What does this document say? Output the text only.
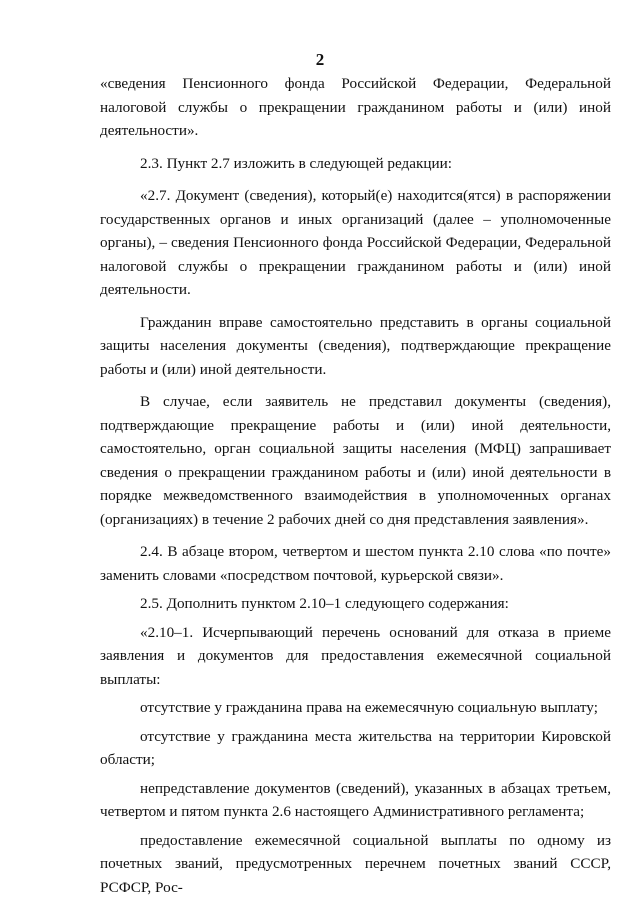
2

«сведения Пенсионного фонда Российской Федерации, Федеральной налоговой службы о прекращении гражданином работы и (или) иной деятельности».

2.3. Пункт 2.7 изложить в следующей редакции:

«2.7. Документ (сведения), который(е) находится(ятся) в распоряжении государственных органов и иных организаций (далее – уполномоченные органы), – сведения Пенсионного фонда Российской Федерации, Федеральной налоговой службы о прекращении гражданином работы и (или) иной деятельности.

Гражданин вправе самостоятельно представить в органы социальной защиты населения документы (сведения), подтверждающие прекращение работы и (или) иной деятельности.

В случае, если заявитель не представил документы (сведения), подтверждающие прекращение работы и (или) иной деятельности, самостоятельно, орган социальной защиты населения (МФЦ) запрашивает сведения о прекращении гражданином работы и (или) иной деятельности в порядке межведомственного взаимодействия в уполномоченных органах (организациях) в течение 2 рабочих дней со дня представления заявления».

2.4. В абзаце втором, четвертом и шестом пункта 2.10 слова «по почте» заменить словами «посредством почтовой, курьерской связи».

2.5. Дополнить пунктом 2.10–1 следующего содержания:

«2.10–1. Исчерпывающий перечень оснований для отказа в приеме заявления и документов для предоставления ежемесячной социальной выплаты:

отсутствие у гражданина права на ежемесячную социальную выплату;

отсутствие у гражданина места жительства на территории Кировской области;

непредставление документов (сведений), указанных в абзацах третьем, четвертом и пятом пункта 2.6 настоящего Административного регламента;

предоставление ежемесячной социальной выплаты по одному из почетных званий, предусмотренных перечнем почетных званий СССР, РСФСР, Рос-
